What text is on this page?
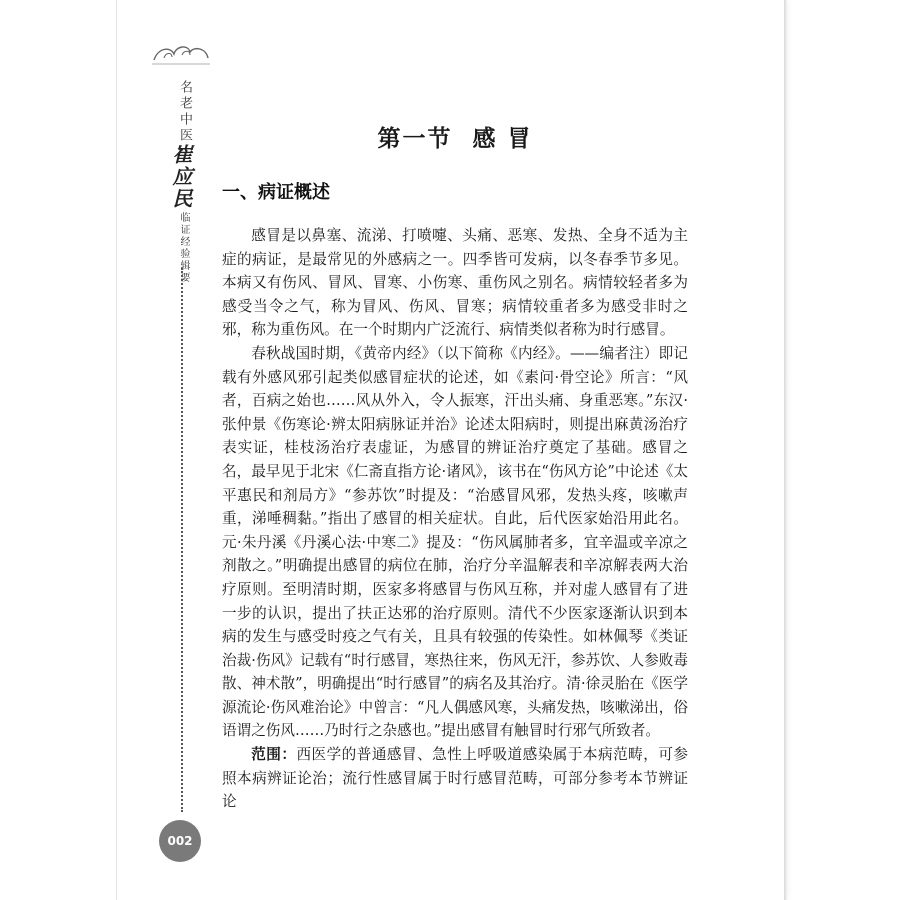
名老中医
崔应民
临证经验辑要
002
第一节  感 冒
一、病证概述

感冒是以鼻塞、流涕、打喷嚏、头痛、恶寒、发热、全身不适为主症的病证，是最常见的外感病之一。四季皆可发病，以冬春季节多见。本病又有伤风、冒风、冒寒、小伤寒、重伤风之别名。病情较轻者多为感受当令之气，称为冒风、伤风、冒寒；病情较重者多为感受非时之邪，称为重伤风。在一个时期内广泛流行、病情类似者称为时行感冒。

春秋战国时期，《黄帝内经》（以下简称《内经》。——编者注）即记载有外感风邪引起类似感冒症状的论述，如《素问·骨空论》所言：“风者，百病之始也……风从外入，令人振寒，汗出头痛、身重恶寒。”东汉·张仲景《伤寒论·辨太阳病脉证并治》论述太阳病时，则提出麻黄汤治疗表实证，桂枝汤治疗表虚证，为感冒的辨证治疗奠定了基础。感冒之名，最早见于北宋《仁斋直指方论·诸风》，该书在“伤风方论”中论述《太平惠民和剂局方》“参苏饮”时提及：“治感冒风邪，发热头疼，咳嗽声重，涕唾稠黏。”指出了感冒的相关症状。自此，后代医家始沿用此名。元·朱丹溪《丹溪心法·中寒二》提及：“伤风属肺者多，宜辛温或辛凉之剂散之。”明确提出感冒的病位在肺，治疗分辛温解表和辛凉解表两大治疗原则。至明清时期，医家多将感冒与伤风互称，并对虚人感冒有了进一步的认识，提出了扶正达邪的治疗原则。清代不少医家逐渐认识到本病的发生与感受时疫之气有关，且具有较强的传染性。如林佩琴《类证治裁·伤风》记载有“时行感冒，寒热往来，伤风无汗，参苏饮、人参败毒散、神术散”，明确提出“时行感冒”的病名及其治疗。清·徐灵胎在《医学源流论·伤风难治论》中曾言：“凡人偶感风寒，头痛发热，咳嗽涕出，俗语谓之伤风……乃时行之杂感也。”提出感冒有触冒时行邪气所致者。

范围：西医学的普通感冒、急性上呼吸道感染属于本病范畴，可参照本病辨证论治；流行性感冒属于时行感冒范畴，可部分参考本节辨证论
